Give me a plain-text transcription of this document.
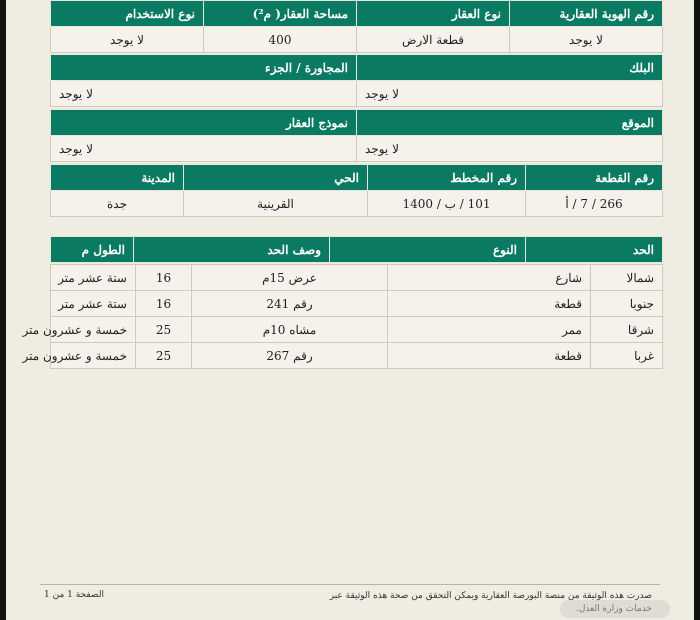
رقم الهوية العقارية	نوع العقار	مساحة العقار( م²)	نوع الاستخدام
لا يوجد	قطعة الارض	400	لا يوجد
البلك	المجاورة / الجزء
لا يوجد	لا يوجد
الموقع	نموذج العقار
لا يوجد	لا يوجد
رقم القطعة	رقم المخطط	الحي	المدينة
266 / 7 / أ	101 / ب / 1400	القرينية	جدة
الحد	النوع	وصف الحد	الطول م
شمالا	شارع	عرض 15م	16	ستة عشر متر
جنوبا	قطعة	رقم 241	16	ستة عشر متر
شرقا	ممر	مشاه 10م	25	خمسة و عشرون متر
غربا	قطعة	رقم 267	25	خمسة و عشرون متر
صدرت هذه الوثيقة من منصة البورصة العقارية ويمكن التحقق من صحة هذه الوثيقة عبر خدمات وزارة العدل.
الصفحة 1 من 1
